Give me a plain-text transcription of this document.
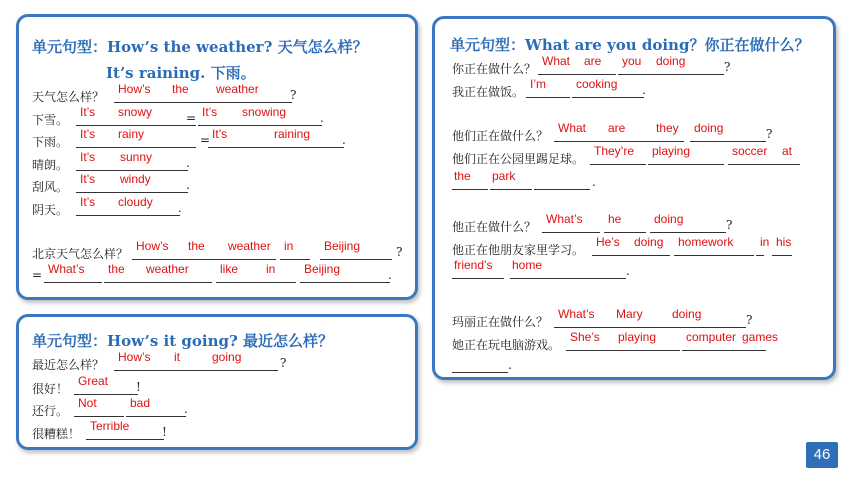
单元句型：How’s the weather? 天气怎么样？
It’s raining. 下雨。
单元句型：How’s it going? 最近怎么样？
单元句型：What are you doing？你正在做什么？
46
天气怎么样？
How’s the weather	?
下雪。
It’s snowy	It’s snowing
=	.
下雨。
It’s rainy	It’s	raining
=	.
晴朗。
It’s sunny	.
刮风。
It’s windy	.
阴天。
It’s cloudy .
北京天气怎么样？
How’s the weather in	Beijing	?
= What’s the weather	like in Beijing	.
最近怎么样？
How’s it	going	?
很好！
Great !
还行。
Not	bad	.
很糟糕！
Terrible	!
你正在做什么？
What are you doing	?
我正在做饭。
I’m	cooking .
他们正在做什么？
What are	they doing	?
他们正在公园里踢足球。
They’re playing	soccer at
the park	.
他正在做什么？
What’s he	doing	?
他正在他朋友家里学习。
He’s doing homework in his
friend’s home	.
玛丽正在做什么？
What’s Mary doing	?
她正在玩电脑游戏。
She’s playing computer games
.
